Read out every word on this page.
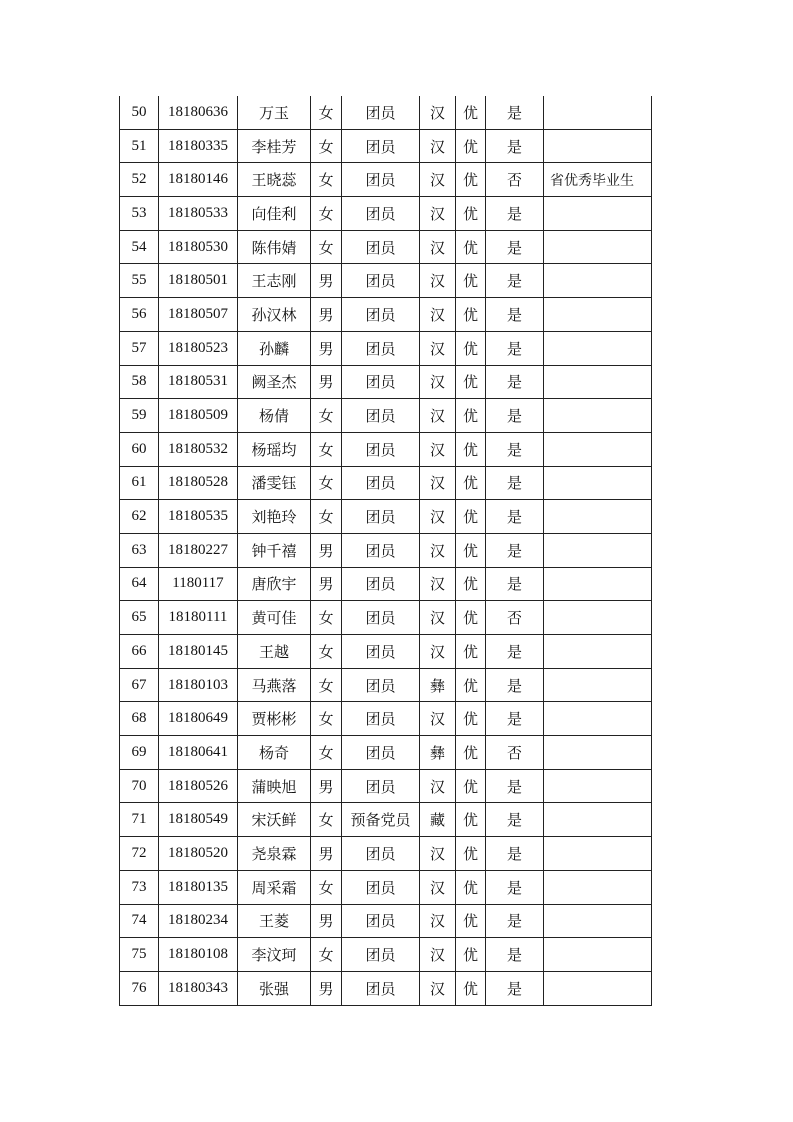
50	18180636	万玉	女	团员	汉	优	是	
51	18180335	李桂芳	女	团员	汉	优	是	
52	18180146	王晓蕊	女	团员	汉	优	否	省优秀毕业生
53	18180533	向佳利	女	团员	汉	优	是	
54	18180530	陈伟婧	女	团员	汉	优	是	
55	18180501	王志刚	男	团员	汉	优	是	
56	18180507	孙汉林	男	团员	汉	优	是	
57	18180523	孙麟	男	团员	汉	优	是	
58	18180531	阙圣杰	男	团员	汉	优	是	
59	18180509	杨倩	女	团员	汉	优	是	
60	18180532	杨瑶均	女	团员	汉	优	是	
61	18180528	潘雯钰	女	团员	汉	优	是	
62	18180535	刘艳玲	女	团员	汉	优	是	
63	18180227	钟千禧	男	团员	汉	优	是	
64	1180117	唐欣宇	男	团员	汉	优	是	
65	18180111	黄可佳	女	团员	汉	优	否	
66	18180145	王越	女	团员	汉	优	是	
67	18180103	马燕落	女	团员	彝	优	是	
68	18180649	贾彬彬	女	团员	汉	优	是	
69	18180641	杨奇	女	团员	彝	优	否	
70	18180526	蒲映旭	男	团员	汉	优	是	
71	18180549	宋沃鲜	女	预备党员	藏	优	是	
72	18180520	尧泉霖	男	团员	汉	优	是	
73	18180135	周采霜	女	团员	汉	优	是	
74	18180234	王菱	男	团员	汉	优	是	
75	18180108	李汶珂	女	团员	汉	优	是	
76	18180343	张强	男	团员	汉	优	是	
